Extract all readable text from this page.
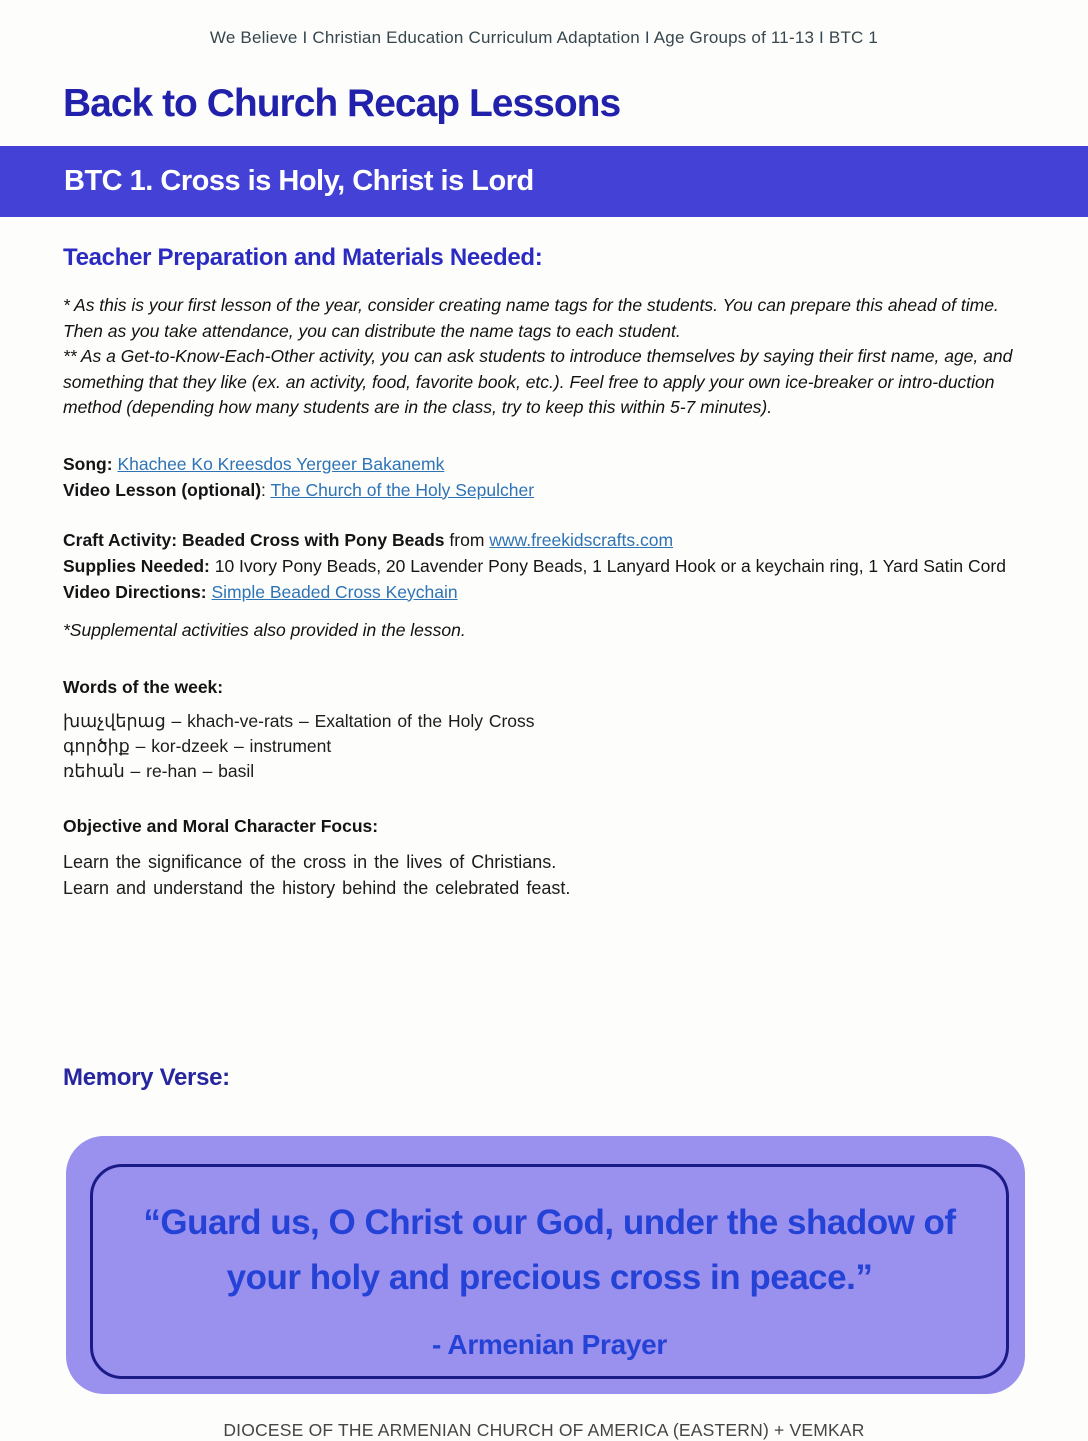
We Believe I Christian Education Curriculum Adaptation I Age Groups of 11-13 I BTC 1
Back to Church Recap Lessons
BTC 1. Cross is Holy, Christ is Lord
Teacher Preparation and Materials Needed:
* As this is your first lesson of the year, consider creating name tags for the students. You can prepare this ahead of time. Then as you take attendance, you can distribute the name tags to each student.
** As a Get-to-Know-Each-Other activity, you can ask students to introduce themselves by saying their first name, age, and something that they like (ex. an activity, food, favorite book, etc.). Feel free to apply your own ice-breaker or intro-duction method (depending how many students are in the class, try to keep this within 5-7 minutes).
Song: Khachee Ko Kreesdos Yergeer Bakanemk
Video Lesson (optional): The Church of the Holy Sepulcher
Craft Activity: Beaded Cross with Pony Beads from www.freekidscrafts.com
Supplies Needed: 10 Ivory Pony Beads, 20 Lavender Pony Beads, 1 Lanyard Hook or a keychain ring, 1 Yard Satin Cord
Video Directions: Simple Beaded Cross Keychain
*Supplemental activities also provided in the lesson.
Words of the week:
խաչվերաց – khach-ve-rats – Exaltation of the Holy Cross
գործիք – kor-dzeek – instrument
ռեհան – re-han – basil
Objective and Moral Character Focus:
Learn the significance of the cross in the lives of Christians.
Learn and understand the history behind the celebrated feast.
Memory Verse:
“Guard us, O Christ our God, under the shadow of
your holy and precious cross in peace.”
- Armenian Prayer
DIOCESE OF THE ARMENIAN CHURCH OF AMERICA (EASTERN) + VEMKAR
